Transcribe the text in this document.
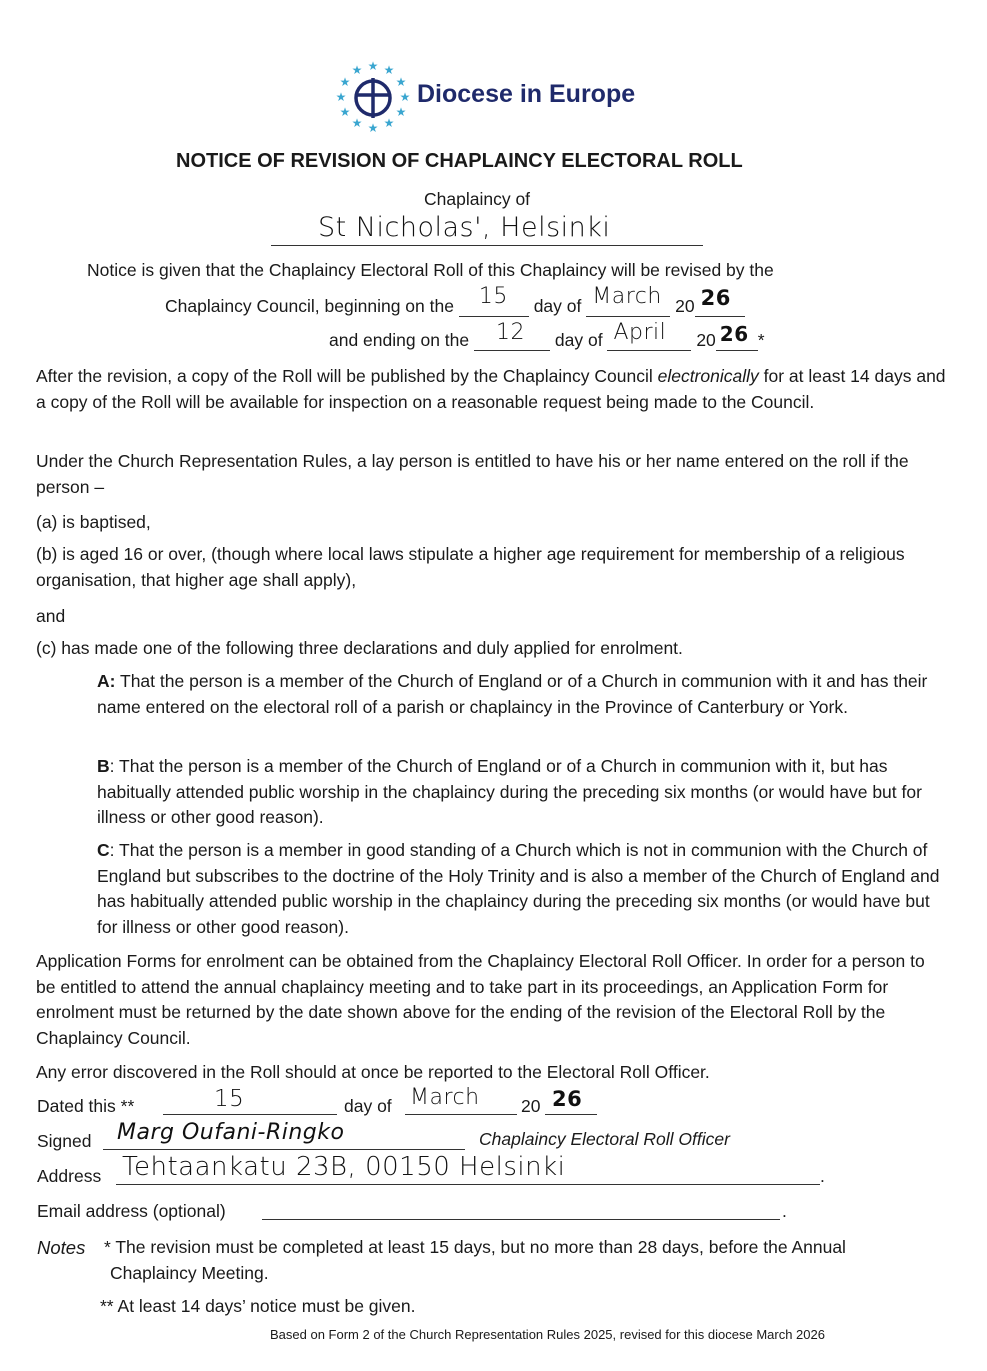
★
★ ★
★	★
★	★
★	★
★ ★
★
Diocese in Europe
NOTICE OF REVISION OF CHAPLAINCY ELECTORAL ROLL
Chaplaincy of
St Nicholas', Helsinki
Notice is given that the Chaplaincy Electoral Roll of this Chaplaincy will be revised by the
Chaplaincy Council, beginning on the 15 day of March 20 26
and ending on the 12 day of April 20 26 *
After the revision, a copy of the Roll will be published by the Chaplaincy Council electronically for at least 14 days and a copy of the Roll will be available for inspection on a reasonable request being made to the Council.
Under the Church Representation Rules, a lay person is entitled to have his or her name entered on the roll if the person –
(a) is baptised,
(b) is aged 16 or over, (though where local laws stipulate a higher age requirement for membership of a religious organisation, that higher age shall apply),
and
(c) has made one of the following three declarations and duly applied for enrolment.
A: That the person is a member of the Church of England or of a Church in communion with it and has their name entered on the electoral roll of a parish or chaplaincy in the Province of Canterbury or York.
B: That the person is a member of the Church of England or of a Church in communion with it, but has habitually attended public worship in the chaplaincy during the preceding six months (or would have but for illness or other good reason).
C: That the person is a member in good standing of a Church which is not in communion with the Church of England but subscribes to the doctrine of the Holy Trinity and is also a member of the Church of England and has habitually attended public worship in the chaplaincy during the preceding six months (or would have but for illness or other good reason).
Application Forms for enrolment can be obtained from the Chaplaincy Electoral Roll Officer. In order for a person to be entitled to attend the annual chaplaincy meeting and to take part in its proceedings, an Application Form for enrolment must be returned by the date shown above for the ending of the revision of the Electoral Roll by the Chaplaincy Council.
Any error discovered in the Roll should at once be reported to the Electoral Roll Officer.
Dated this **	15	day of March 20 26
Signed Marg Oufani-Ringko	Chaplaincy Electoral Roll Officer
Address Tehtaankatu 23B, 00150 Helsinki	.
Email address (optional)	.
Notes * The revision must be completed at least 15 days, but no more than 28 days, before the Annual
Chaplaincy Meeting.
** At least 14 days’ notice must be given.
Based on Form 2 of the Church Representation Rules 2025, revised for this diocese March 2026
